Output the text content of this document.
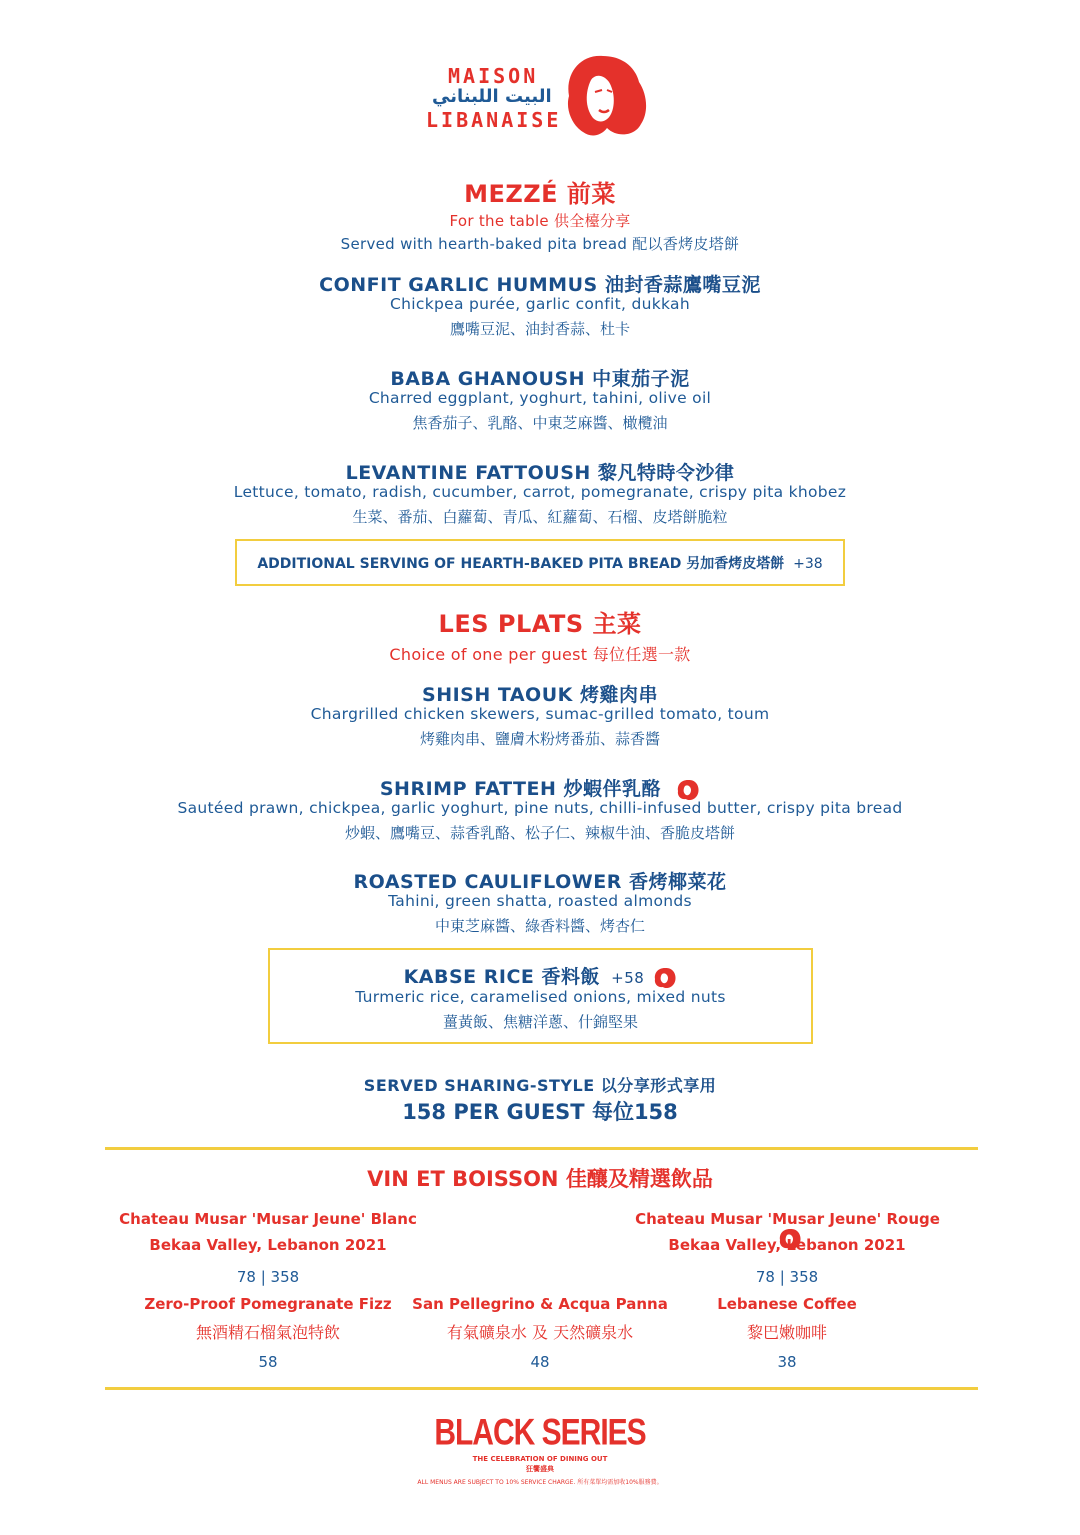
MAISON
البيت اللبناني
LIBANAISE
MEZZÉ 前菜
For the table 供全檯分享
Served with hearth-baked pita bread 配以香烤皮塔餅
CONFIT GARLIC HUMMUS 油封香蒜鷹嘴豆泥
Chickpea purée, garlic confit, dukkah
鷹嘴豆泥、油封香蒜、杜卡
BABA GHANOUSH 中東茄子泥
Charred eggplant, yoghurt, tahini, olive oil
焦香茄子、乳酪、中東芝麻醬、橄欖油
LEVANTINE FATTOUSH 黎凡特時令沙律
Lettuce, tomato, radish, cucumber, carrot, pomegranate, crispy pita khobez
生菜、番茄、白蘿蔔、青瓜、紅蘿蔔、石榴、皮塔餅脆粒
ADDITIONAL SERVING OF HEARTH-BAKED PITA BREAD 另加香烤皮塔餅 +38
LES PLATS 主菜
Choice of one per guest 每位任選一款
SHISH TAOUK 烤雞肉串
Chargrilled chicken skewers, sumac-grilled tomato, toum
烤雞肉串、鹽膚木粉烤番茄、蒜香醬
SHRIMP FATTEH 炒蝦伴乳酪
Sautéed prawn, chickpea, garlic yoghurt, pine nuts, chilli-infused butter, crispy pita bread
炒蝦、鷹嘴豆、蒜香乳酪、松子仁、辣椒牛油、香脆皮塔餅
ROASTED CAULIFLOWER 香烤椰菜花
Tahini, green shatta, roasted almonds
中東芝麻醬、綠香料醬、烤杏仁
KABSE RICE 香料飯 +58
Turmeric rice, caramelised onions, mixed nuts
薑黃飯、焦糖洋蔥、什錦堅果
SERVED SHARING-STYLE 以分享形式享用
158 PER GUEST 每位158
VIN ET BOISSON 佳釀及精選飲品
Chateau Musar 'Musar Jeune' Blanc
Bekaa Valley, Lebanon 2021
78 | 358
Chateau Musar 'Musar Jeune' Rouge
Bekaa Valley, Lebanon 2021
78 | 358
Zero-Proof Pomegranate Fizz
無酒精石榴氣泡特飲
58
San Pellegrino & Acqua Panna
有氣礦泉水 及 天然礦泉水
48
Lebanese Coffee
黎巴嫩咖啡
38
BLACK SERIES
THE CELEBRATION OF DINING OUT
狂饗盛典
ALL MENUS ARE SUBJECT TO 10% SERVICE CHARGE. 所有菜單均需加收10%服務費。
